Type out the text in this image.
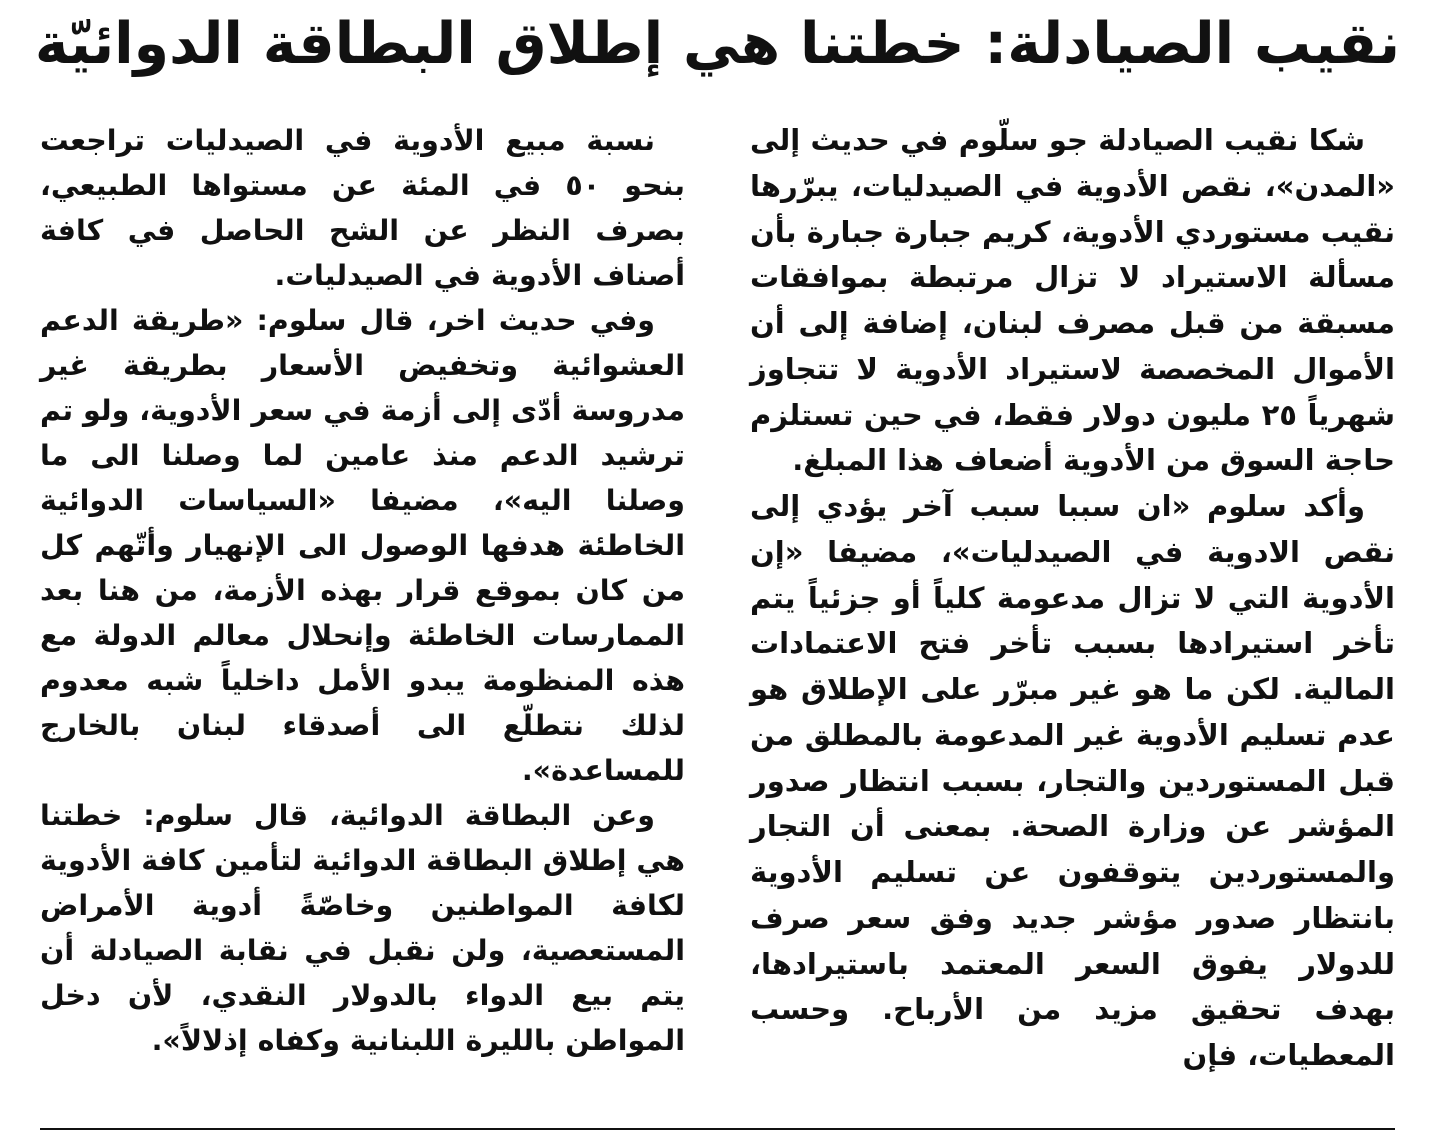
نقيب الصيادلة: خطتنا هي إطلاق البطاقة الدوائيّة

شكا نقيب الصيادلة جو سلّوم في حديث إلى «المدن»، نقص الأدوية في الصيدليات، يبرّرها نقيب مستوردي الأدوية، كريم جبارة جبارة بأن مسألة الاستيراد لا تزال مرتبطة بموافقات مسبقة من قبل مصرف لبنان، إضافة إلى أن الأموال المخصصة لاستيراد الأدوية لا تتجاوز شهرياً ٢٥ مليون دولار فقط، في حين تستلزم حاجة السوق من الأدوية أضعاف هذا المبلغ.

وأكد سلوم «ان سببا سبب آخر يؤدي إلى نقص الادوية في الصيدليات»، مضيفا «إن الأدوية التي لا تزال مدعومة كلياً أو جزئياً يتم تأخر استيرادها بسبب تأخر فتح الاعتمادات المالية. لكن ما هو غير مبرّر على الإطلاق هو عدم تسليم الأدوية غير المدعومة بالمطلق من قبل المستوردين والتجار، بسبب انتظار صدور المؤشر عن وزارة الصحة. بمعنى أن التجار والمستوردين يتوقفون عن تسليم الأدوية بانتظار صدور مؤشر جديد وفق سعر صرف للدولار يفوق السعر المعتمد باستيرادها، بهدف تحقيق مزيد من الأرباح. وحسب المعطيات، فإن

نسبة مبيع الأدوية في الصيدليات تراجعت بنحو ٥٠ في المئة عن مستواها الطبيعي، بصرف النظر عن الشح الحاصل في كافة أصناف الأدوية في الصيدليات.

وفي حديث اخر، قال سلوم: «طريقة الدعم العشوائية وتخفيض الأسعار بطريقة غير مدروسة أدّى إلى أزمة في سعر الأدوية، ولو تم ترشيد الدعم منذ عامين لما وصلنا الى ما وصلنا اليه»، مضيفا «السياسات الدوائية الخاطئة هدفها الوصول الى الإنهيار وأتّهم كل من كان بموقع قرار بهذه الأزمة، من هنا بعد الممارسات الخاطئة وإنحلال معالم الدولة مع هذه المنظومة يبدو الأمل داخلياً شبه معدوم لذلك نتطلّع الى أصدقاء لبنان بالخارج للمساعدة».

وعن البطاقة الدوائية، قال سلوم: خطتنا هي إطلاق البطاقة الدوائية لتأمين كافة الأدوية لكافة المواطنين وخاصّةً أدوية الأمراض المستعصية، ولن نقبل في نقابة الصيادلة أن يتم بيع الدواء بالدولار النقدي، لأن دخل المواطن بالليرة اللبنانية وكفاه إذلالاً».
